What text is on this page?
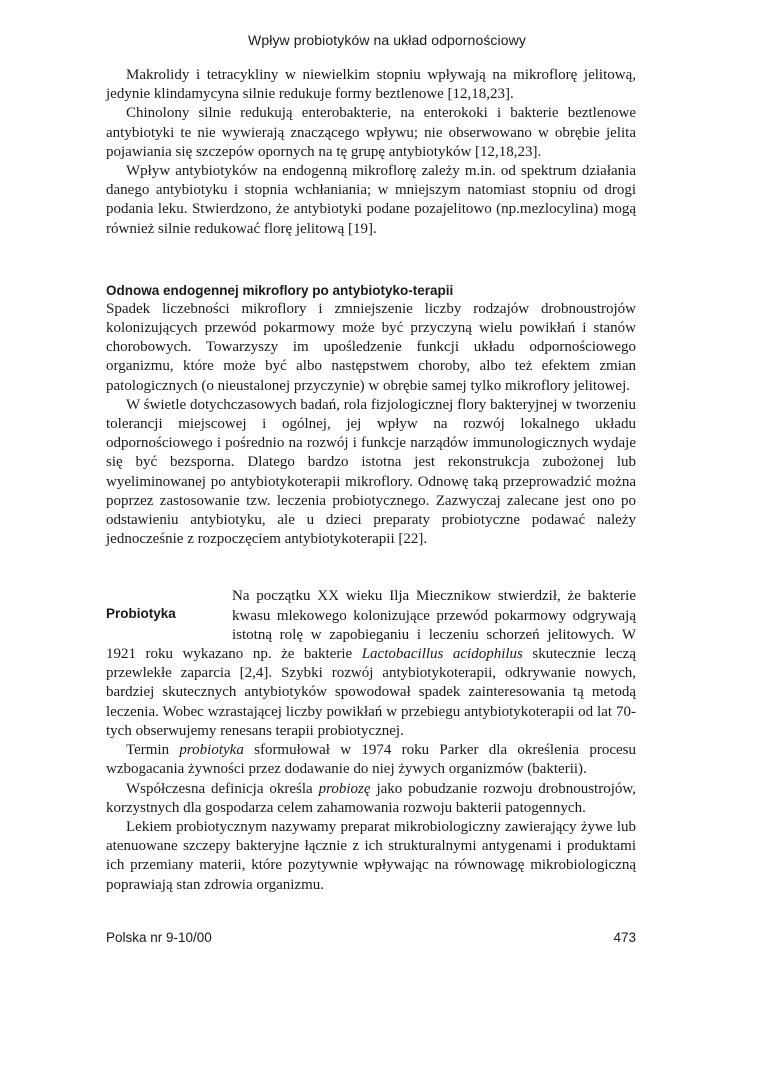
Wpływ probiotyków na układ odpornościowy

Makrolidy i tetracykliny w niewielkim stopniu wpływają na mikroflorę jelitową, jedynie klindamycyna silnie redukuje formy beztlenowe [12,18,23].

Chinolony silnie redukują enterobakterie, na enterokoki i bakterie beztlenowe antybiotyki te nie wywierają znaczącego wpływu; nie obserwowano w obrębie jelita pojawiania się szczepów opornych na tę grupę antybiotyków [12,18,23].

Wpływ antybiotyków na endogenną mikroflorę zależy m.in. od spektrum działania danego antybiotyku i stopnia wchłaniania; w mniejszym natomiast stopniu od drogi podania leku. Stwierdzono, że antybiotyki podane pozajelitowo (np.mezlocylina) mogą również silnie redukować florę jelitową [19].

Odnowa endogennej mikroflory po antybiotyko-terapii

Spadek liczebności mikroflory i zmniejszenie liczby rodzajów drobnoustrojów kolonizujących przewód pokarmowy może być przyczyną wielu powikłań i stanów chorobowych. Towarzyszy im upośledzenie funkcji układu odpornościowego organizmu, które może być albo następstwem choroby, albo też efektem zmian patologicznych (o nieustalonej przyczynie) w obrębie samej tylko mikroflory jelitowej.

W świetle dotychczasowych badań, rola fizjologicznej flory bakteryjnej w tworzeniu tolerancji miejscowej i ogólnej, jej wpływ na rozwój lokalnego układu odpornościowego i pośrednio na rozwój i funkcje narządów immunologicznych wydaje się być bezsporna. Dlatego bardzo istotna jest rekonstrukcja zubożonej lub wyeliminowanej po antybiotykoterapii mikroflory. Odnowę taką przeprowadzić można poprzez zastosowanie tzw. leczenia probiotycznego. Zazwyczaj zalecane jest ono po odstawieniu antybiotyku, ale u dzieci preparaty probiotyczne podawać należy jednocześnie z rozpoczęciem antybiotykoterapii [22].

Probiotyka

Na początku XX wieku Ilja Miecznikow stwierdził, że bakterie kwasu mlekowego kolonizujące przewód pokarmowy odgrywają istotną rolę w zapobieganiu i leczeniu schorzeń jelitowych. W 1921 roku wykazano np. że bakterie Lactobacillus acidophilus skutecznie leczą przewlekłe zaparcia [2,4]. Szybki rozwój antybiotykoterapii, odkrywanie nowych, bardziej skutecznych antybiotyków spowodował spadek zainteresowania tą metodą leczenia. Wobec wzrastającej liczby powikłań w przebiegu antybiotykoterapii od lat 70-tych obserwujemy renesans terapii probiotycznej.

Termin probiotyka sformułował w 1974 roku Parker dla określenia procesu wzbogacania żywności przez dodawanie do niej żywych organizmów (bakterii).

Współczesna definicja określa probiozę jako pobudzanie rozwoju drobnoustrojów, korzystnych dla gospodarza celem zahamowania rozwoju bakterii patogennych.

Lekiem probiotycznym nazywamy preparat mikrobiologiczny zawierający żywe lub atenuowane szczepy bakteryjne łącznie z ich strukturalnymi antygenami i produktami ich przemiany materii, które pozytywnie wpływając na równowagę mikrobiologiczną poprawiają stan zdrowia organizmu.

Polska nr 9-10/00	473
